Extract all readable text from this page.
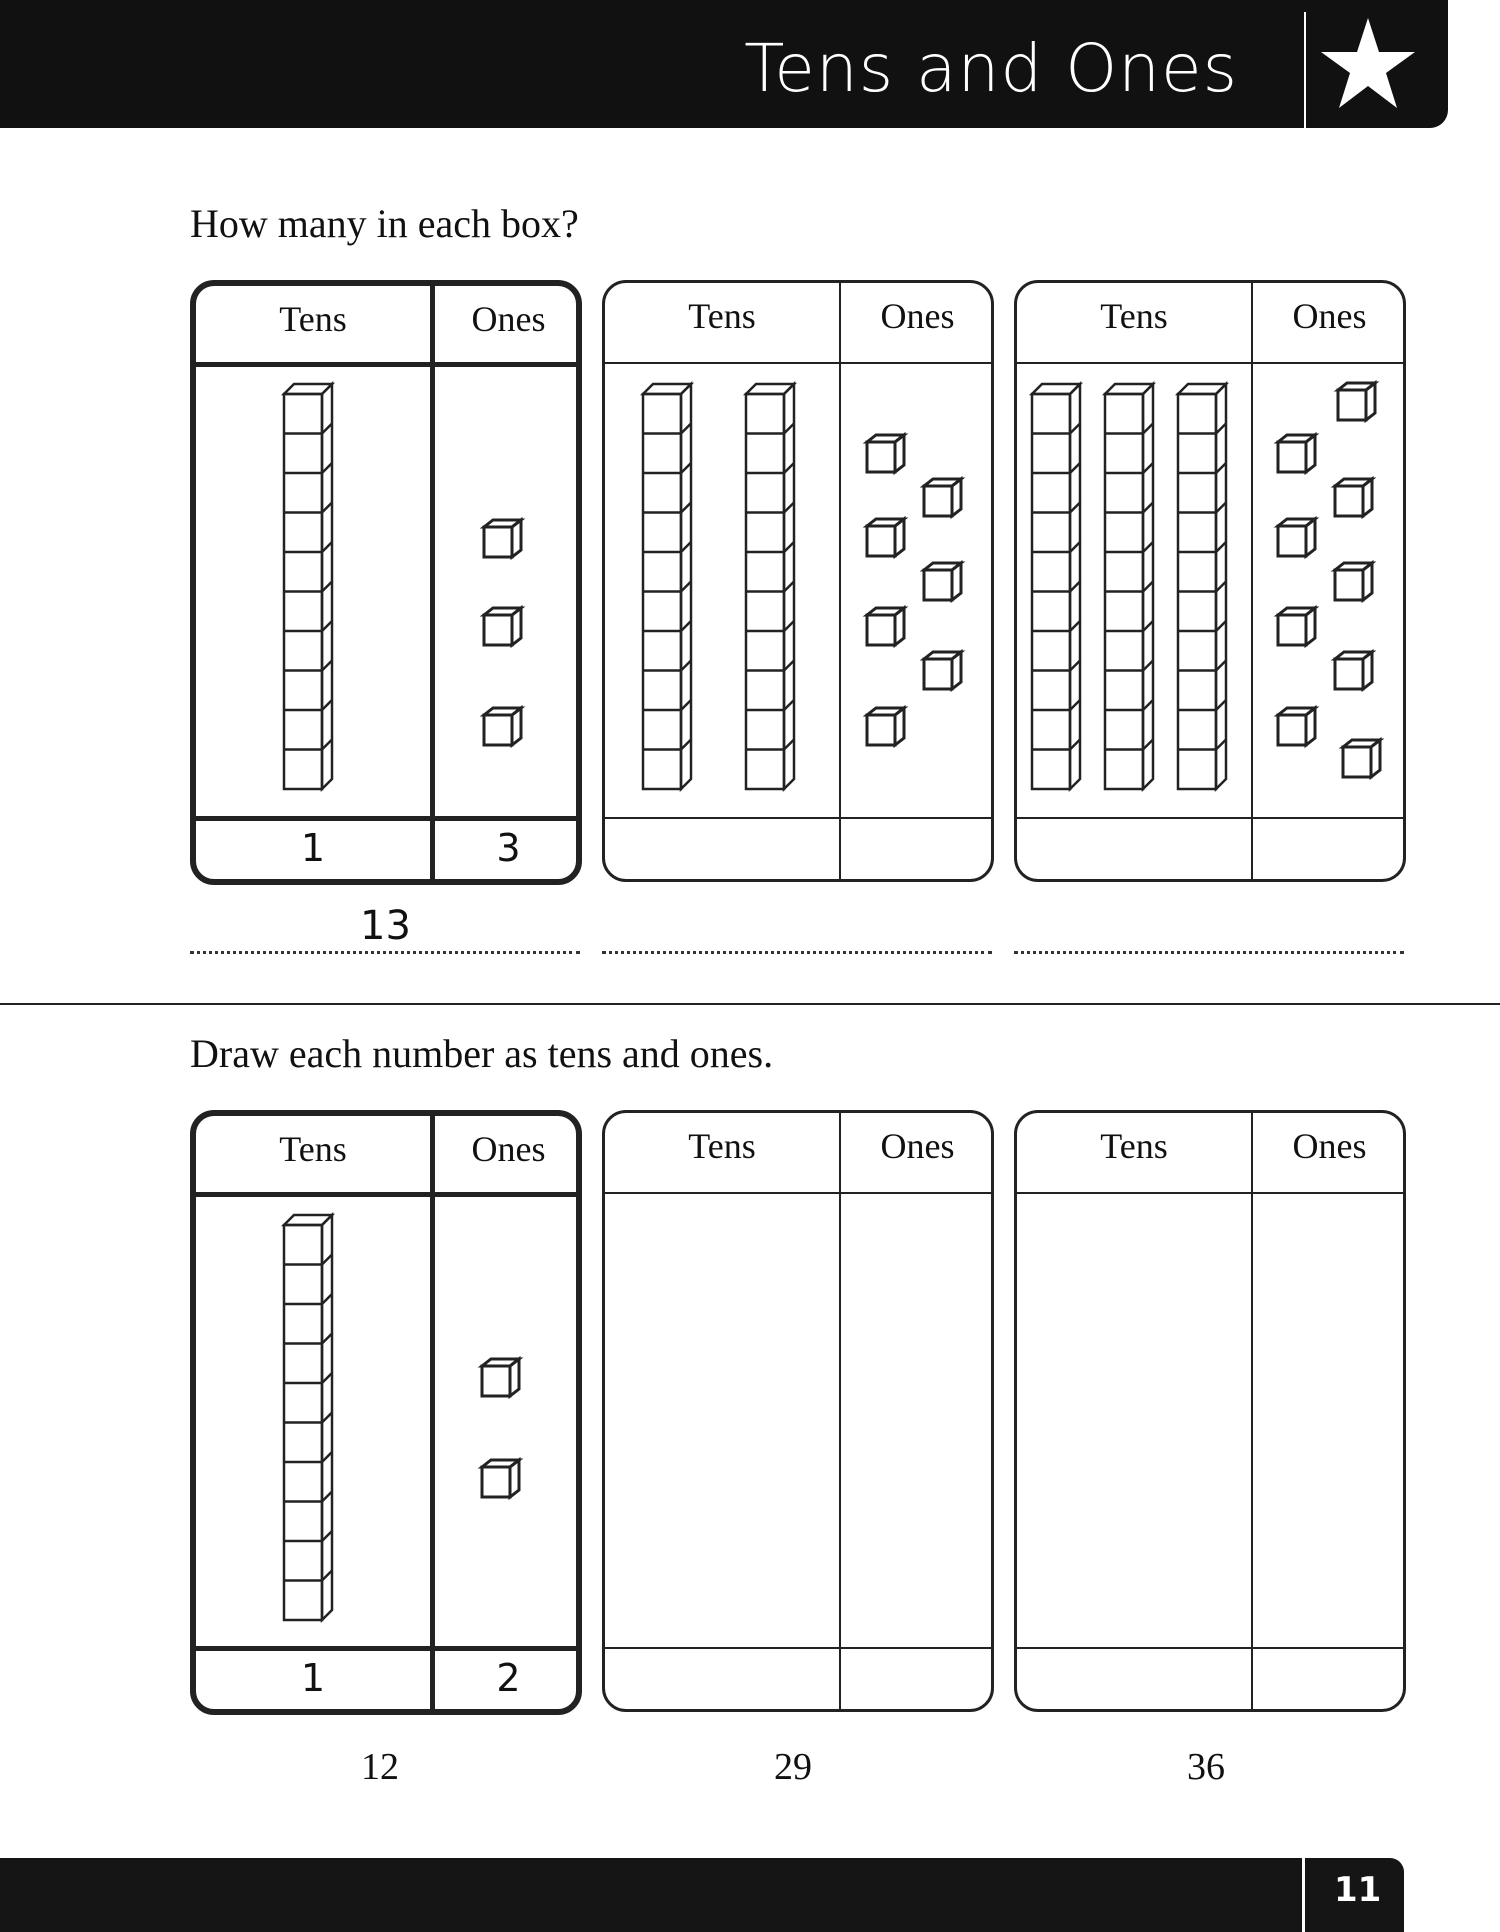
Tens and Ones
How many in each box?
Tens	Ones
1	3
13
Tens	Ones	Tens	Ones
Draw each number as tens and ones.
Tens	Ones
1	2
12
Tens	Ones
29
Tens	Ones
36
11
